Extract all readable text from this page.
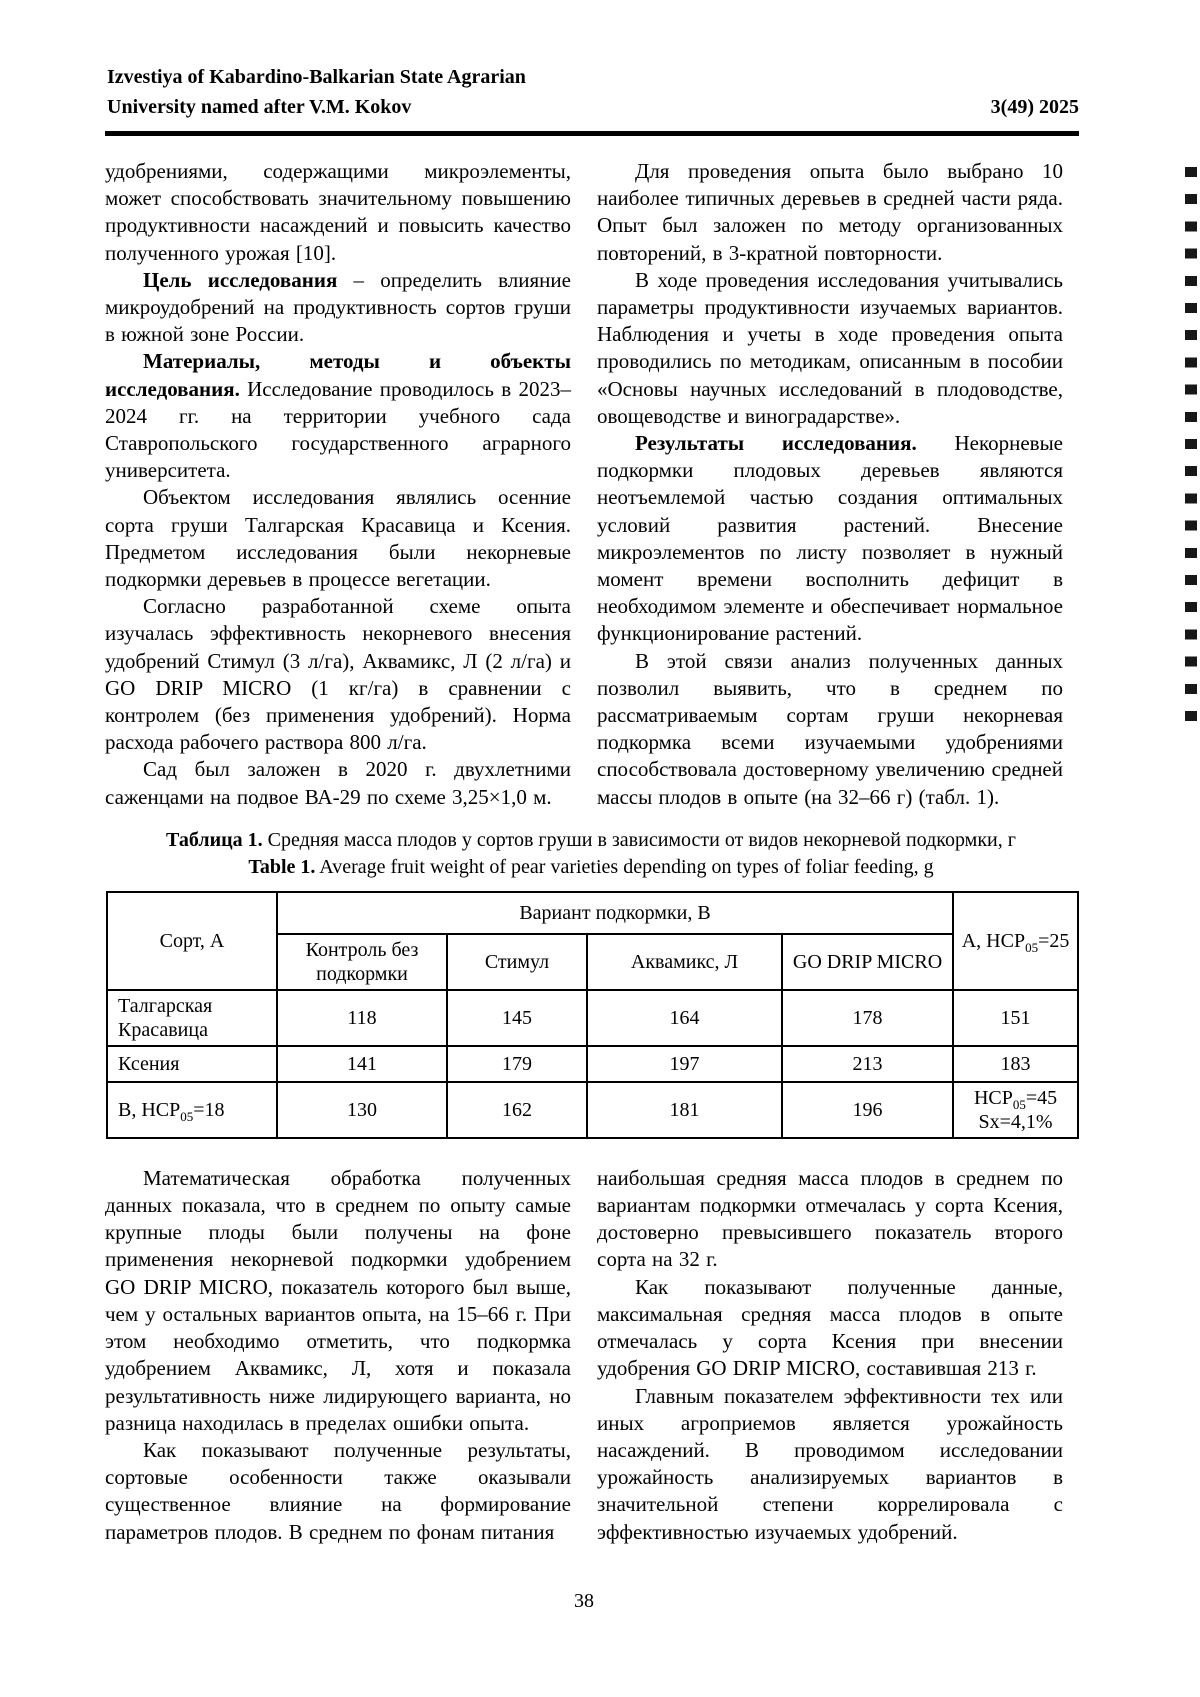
Izvestiya of Kabardino-Balkarian State Agrarian
University named after V.M. Kokov	3(49) 2025

удобрениями, содержащими микроэлементы, может способствовать значительному повышению продуктивности насаждений и повысить качество полученного урожая [10].

Цель исследования – определить влияние микроудобрений на продуктивность сортов груши в южной зоне России.

Материалы, методы и объекты исследования. Исследование проводилось в 2023–2024 гг. на территории учебного сада Ставропольского государственного аграрного университета.

Объектом исследования являлись осенние сорта груши Талгарская Красавица и Ксения. Предметом исследования были некорневые подкормки деревьев в процессе вегетации.

Согласно разработанной схеме опыта изучалась эффективность некорневого внесения удобрений Стимул (3 л/га), Аквамикс, Л (2 л/га) и GO DRIP MICRO (1 кг/га) в сравнении с контролем (без применения удобрений). Норма расхода рабочего раствора 800 л/га.

Сад был заложен в 2020 г. двухлетними саженцами на подвое ВА-29 по схеме 3,25×1,0 м.

Для проведения опыта было выбрано 10 наиболее типичных деревьев в средней части ряда. Опыт был заложен по методу организованных повторений, в 3-кратной повторности.

В ходе проведения исследования учитывались параметры продуктивности изучаемых вариантов. Наблюдения и учеты в ходе проведения опыта проводились по методикам, описанным в пособии «Основы научных исследований в плодоводстве, овощеводстве и виноградарстве».

Результаты исследования. Некорневые подкормки плодовых деревьев являются неотъемлемой частью создания оптимальных условий развития растений. Внесение микроэлементов по листу позволяет в нужный момент времени восполнить дефицит в необходимом элементе и обеспечивает нормальное функционирование растений.

В этой связи анализ полученных данных позволил выявить, что в среднем по рассматриваемым сортам груши некорневая подкормка всеми изучаемыми удобрениями способствовала достоверному увеличению средней массы плодов в опыте (на 32–66 г) (табл. 1).

Таблица 1. Средняя масса плодов у сортов груши в зависимости от видов некорневой подкормки, г
Table 1. Average fruit weight of pear varieties depending on types of foliar feeding, g
Сорт, А	Вариант подкормки, В				А, $НСР_{05}=25$
	Контроль без подкормки	Стимул	Аквамикс, Л	GO DRIP MICRO	
Талгарская Красавица	118	145	164	178	151
Ксения	141	179	197	213	183
В, $НСР_{05}=18$	130	162	181	196	$НСР_{05}=45$
Sx=4,1%

Математическая обработка полученных данных показала, что в среднем по опыту самые крупные плоды были получены на фоне применения некорневой подкормки удобрением GO DRIP MICRO, показатель которого был выше, чем у остальных вариантов опыта, на 15–66 г. При этом необходимо отметить, что подкормка удобрением Аквамикс, Л, хотя и показала результативность ниже лидирующего варианта, но разница находилась в пределах ошибки опыта.

Как показывают полученные результаты, сортовые особенности также оказывали существенное влияние на формирование параметров плодов. В среднем по фонам питания

наибольшая средняя масса плодов в среднем по вариантам подкормки отмечалась у сорта Ксения, достоверно превысившего показатель второго сорта на 32 г.

Как показывают полученные данные, максимальная средняя масса плодов в опыте отмечалась у сорта Ксения при внесении удобрения GO DRIP MICRO, составившая 213 г.

Главным показателем эффективности тех или иных агроприемов является урожайность насаждений. В проводимом исследовании урожайность анализируемых вариантов в значительной степени коррелировала с эффективностью изучаемых удобрений.

38
